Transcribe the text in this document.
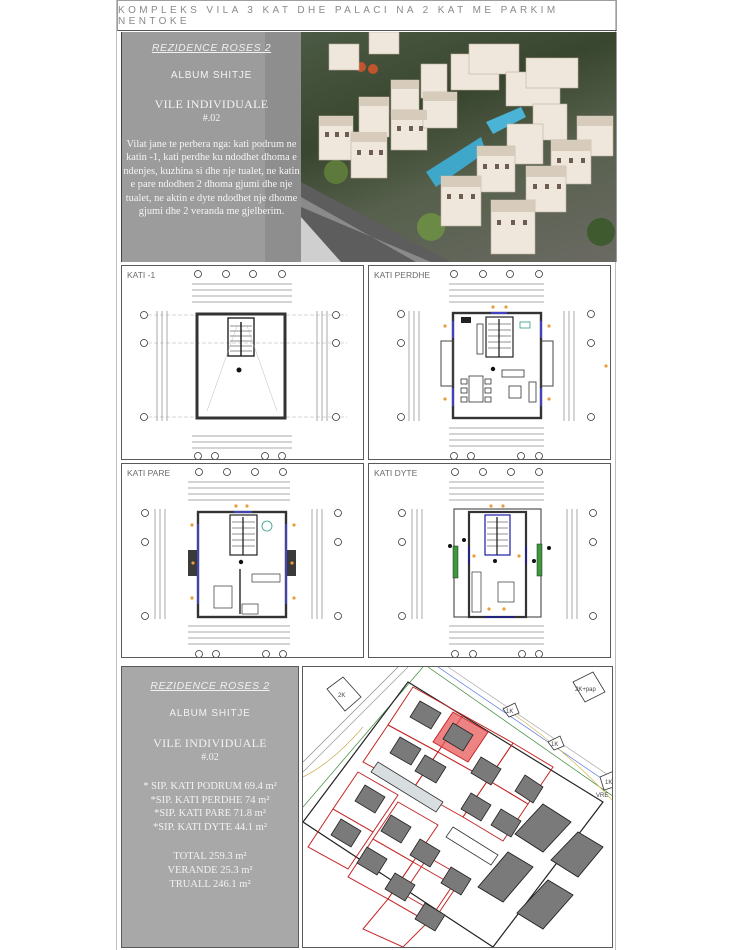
KOMPLEKS VILA 3 KAT DHE PALACI NA 2 KAT ME PARKIM NENTOKE
REZIDENCE ROSES 2
ALBUM SHITJE
VILE INDIVIDUALE
#.02
Vilat jane te perbera nga: kati podrum ne katin -1, kati perdhe ku ndodhet dhoma e ndenjes, kuzhina si dhe nje tualet, ne katin e pare ndodhen 2 dhoma gjumi dhe nje tualet, ne aktin e dyte ndodhet nje dhome gjumi dhe 2 veranda me gjelberim.
KATI -1	KATI PERDHE
KATI PARE	KATI DYTE
REZIDENCE ROSES 2
ALBUM SHITJE
VILE INDIVIDUALE
#.02
* SIP. KATI PODRUM 69.4 m²
*SIP. KATI PERDHE 74 m²
*SIP. KATI PARE 71.8 m²
*SIP. KATI DYTE 44.1 m²
TOTAL 259.3 m²
VERANDE 25.3 m²
TRUALL 246.1 m²
2K
2K+pap
1K
1K
1K
VRE
